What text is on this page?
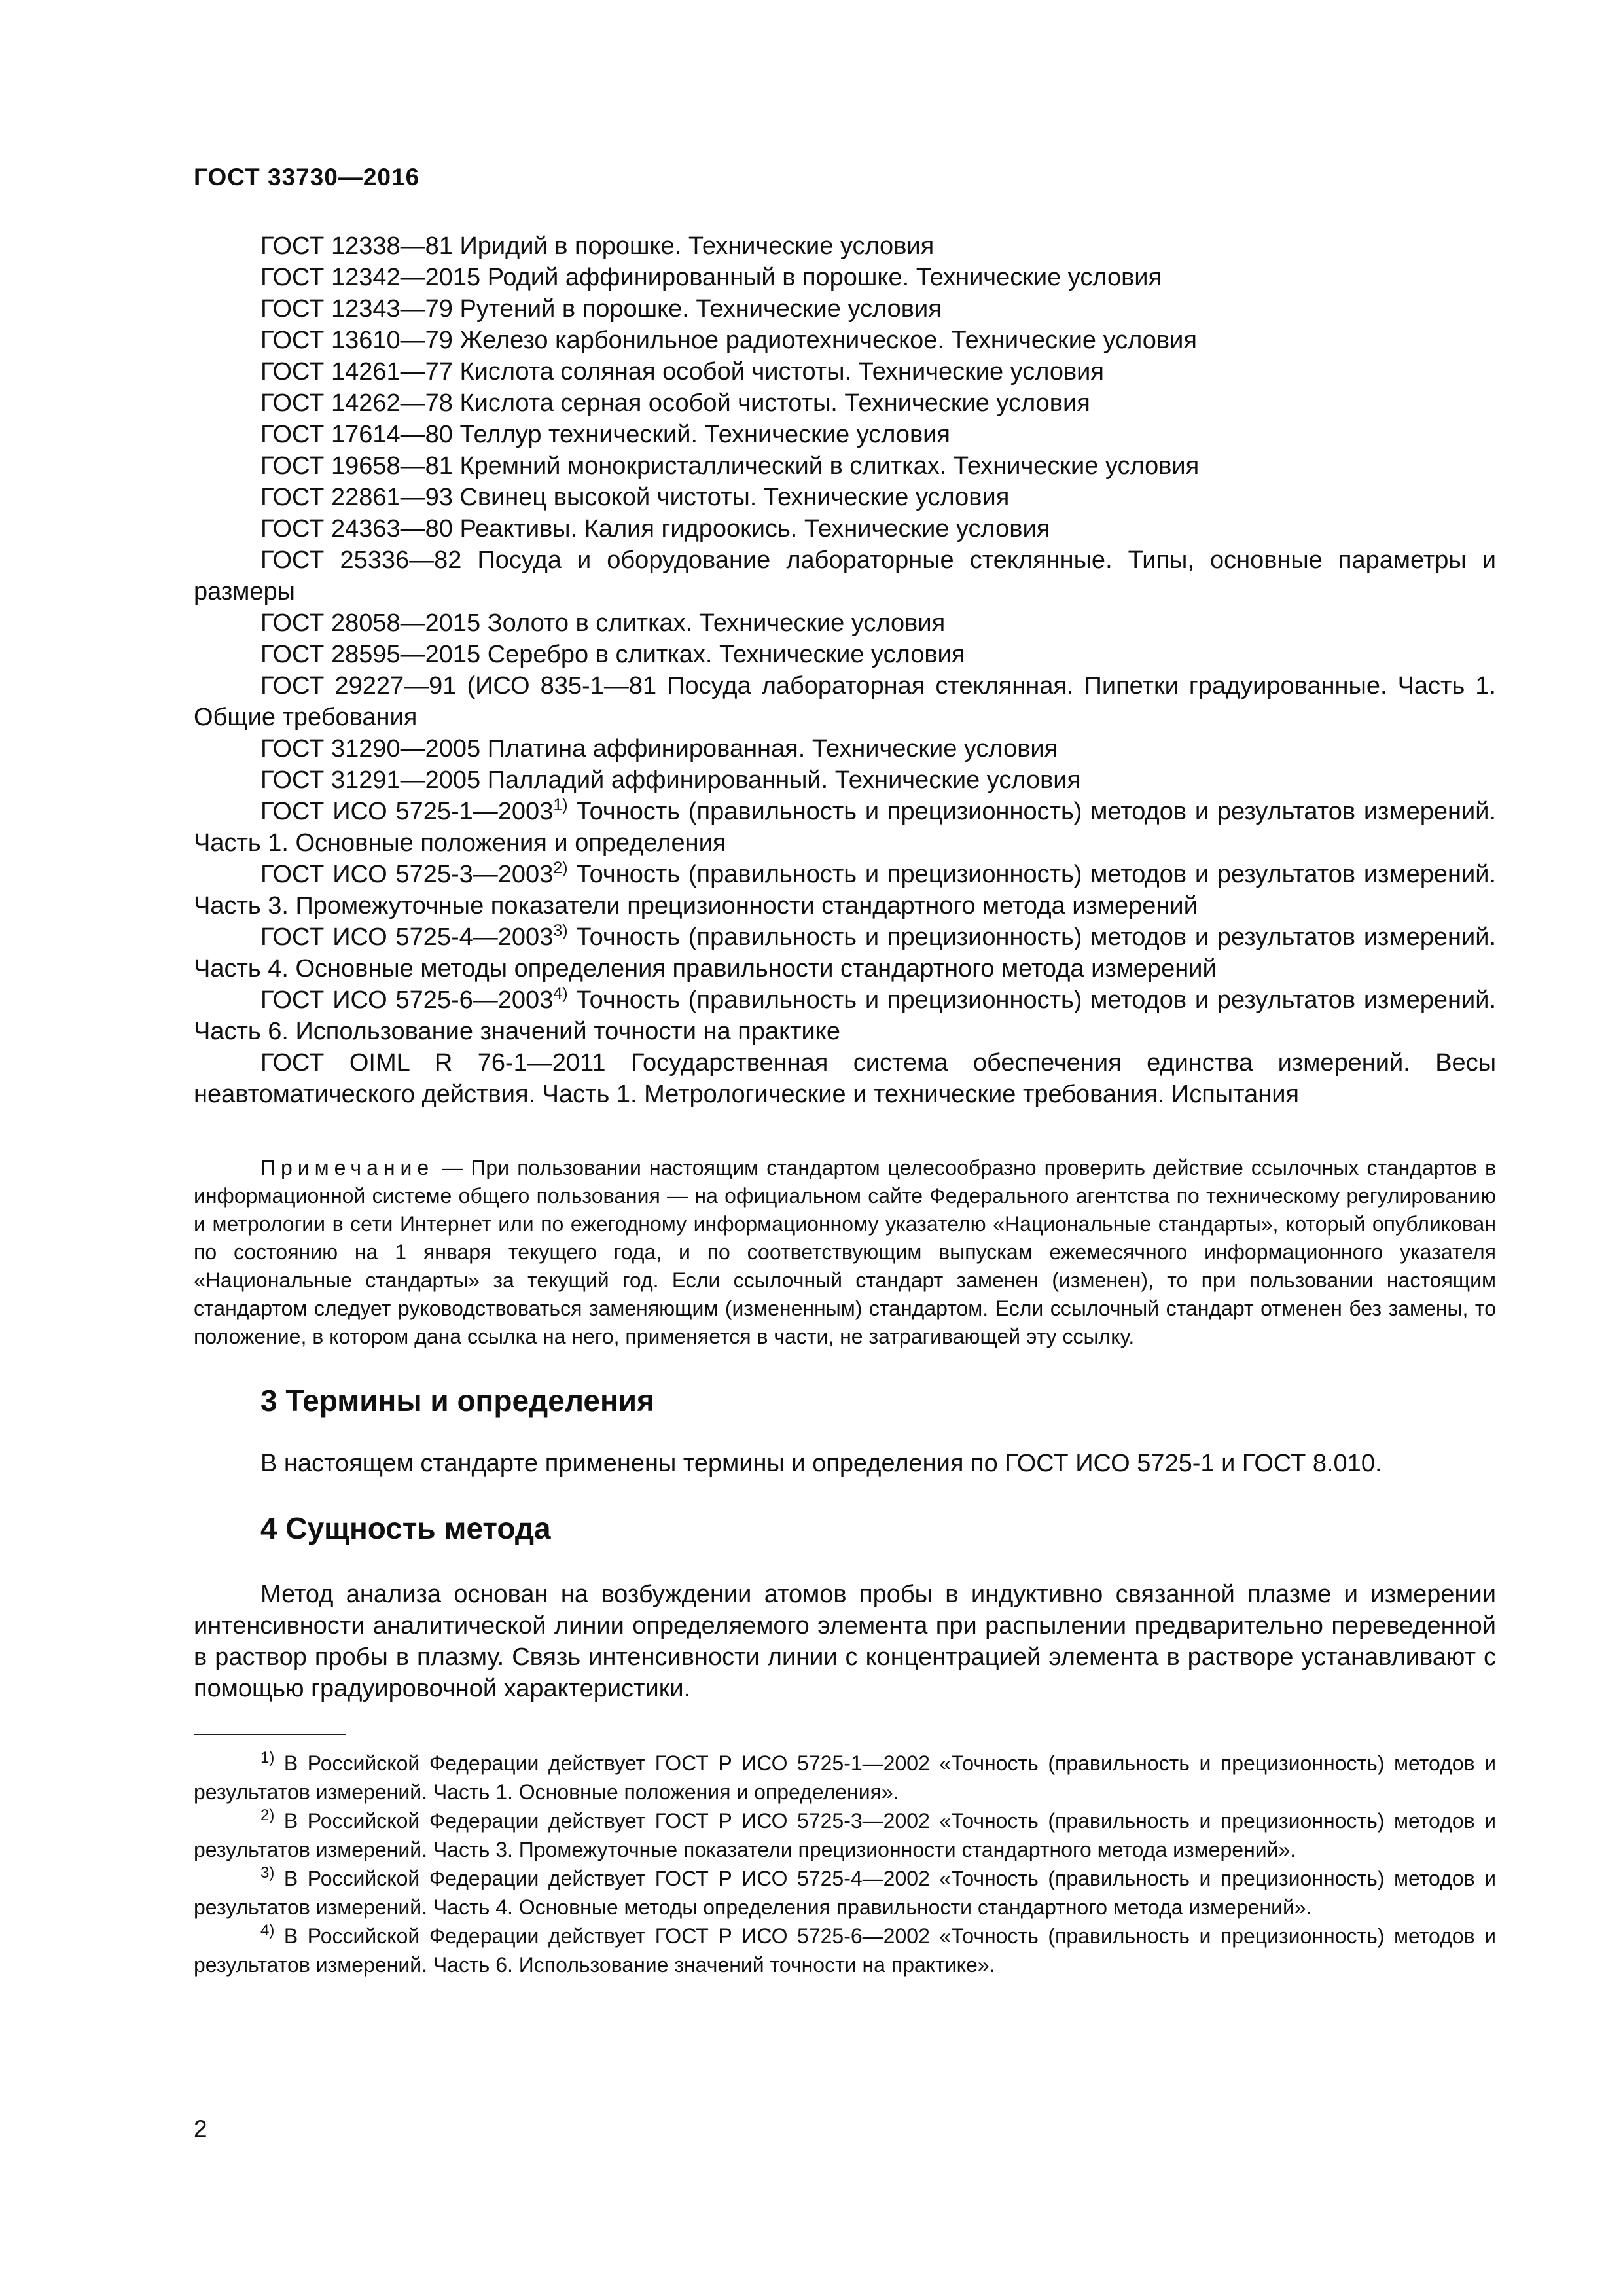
ГОСТ 33730—2016

ГОСТ 12338—81 Иридий в порошке. Технические условия

ГОСТ 12342—2015 Родий аффинированный в порошке. Технические условия

ГОСТ 12343—79 Рутений в порошке. Технические условия

ГОСТ 13610—79 Железо карбонильное радиотехническое. Технические условия

ГОСТ 14261—77 Кислота соляная особой чистоты. Технические условия

ГОСТ 14262—78 Кислота серная особой чистоты. Технические условия

ГОСТ 17614—80 Теллур технический. Технические условия

ГОСТ 19658—81 Кремний монокристаллический в слитках. Технические условия

ГОСТ 22861—93 Свинец высокой чистоты. Технические условия

ГОСТ 24363—80 Реактивы. Калия гидроокись. Технические условия

ГОСТ 25336—82 Посуда и оборудование лабораторные стеклянные. Типы, основные параметры и размеры

ГОСТ 28058—2015 Золото в слитках. Технические условия

ГОСТ 28595—2015 Серебро в слитках. Технические условия

ГОСТ 29227—91 (ИСО 835-1—81 Посуда лабораторная стеклянная. Пипетки градуированные. Часть 1. Общие требования

ГОСТ 31290—2005 Платина аффинированная. Технические условия

ГОСТ 31291—2005 Палладий аффинированный. Технические условия

ГОСТ ИСО 5725-1—2003$^{1)}$ Точность (правильность и прецизионность) методов и результатов измерений. Часть 1. Основные положения и определения

ГОСТ ИСО 5725-3—2003$^{2)}$ Точность (правильность и прецизионность) методов и результатов измерений. Часть 3. Промежуточные показатели прецизионности стандартного метода измерений

ГОСТ ИСО 5725-4—2003$^{3)}$ Точность (правильность и прецизионность) методов и результатов измерений. Часть 4. Основные методы определения правильности стандартного метода измерений

ГОСТ ИСО 5725-6—2003$^{4)}$ Точность (правильность и прецизионность) методов и результатов измерений. Часть 6. Использование значений точности на практике

ГОСТ OIML R 76-1—2011 Государственная система обеспечения единства измерений. Весы неавтоматического действия. Часть 1. Метрологические и технические требования. Испытания

Примечание — При пользовании настоящим стандартом целесообразно проверить действие ссылочных стандартов в информационной системе общего пользования — на официальном сайте Федерального агентства по техническому регулированию и метрологии в сети Интернет или по ежегодному информационному указателю «Национальные стандарты», который опубликован по состоянию на 1 января текущего года, и по соответствующим выпускам ежемесячного информационного указателя «Национальные стандарты» за текущий год. Если ссылочный стандарт заменен (изменен), то при пользовании настоящим стандартом следует руководствоваться заменяющим (измененным) стандартом. Если ссылочный стандарт отменен без замены, то положение, в котором дана ссылка на него, применяется в части, не затрагивающей эту ссылку.

3 Термины и определения

В настоящем стандарте применены термины и определения по ГОСТ ИСО 5725-1 и ГОСТ 8.010.

4 Сущность метода

Метод анализа основан на возбуждении атомов пробы в индуктивно связанной плазме и измерении интенсивности аналитической линии определяемого элемента при распылении предварительно переведенной в раствор пробы в плазму. Связь интенсивности линии с концентрацией элемента в растворе устанавливают с помощью градуировочной характеристики.

$^{1)}$ В Российской Федерации действует ГОСТ Р ИСО 5725-1—2002 «Точность (правильность и прецизионность) методов и результатов измерений. Часть 1. Основные положения и определения».

$^{2)}$ В Российской Федерации действует ГОСТ Р ИСО 5725-3—2002 «Точность (правильность и прецизионность) методов и результатов измерений. Часть 3. Промежуточные показатели прецизионности стандартного метода измерений».

$^{3)}$ В Российской Федерации действует ГОСТ Р ИСО 5725-4—2002 «Точность (правильность и прецизионность) методов и результатов измерений. Часть 4. Основные методы определения правильности стандартного метода измерений».

$^{4)}$ В Российской Федерации действует ГОСТ Р ИСО 5725-6—2002 «Точность (правильность и прецизионность) методов и результатов измерений. Часть 6. Использование значений точности на практике».

2
